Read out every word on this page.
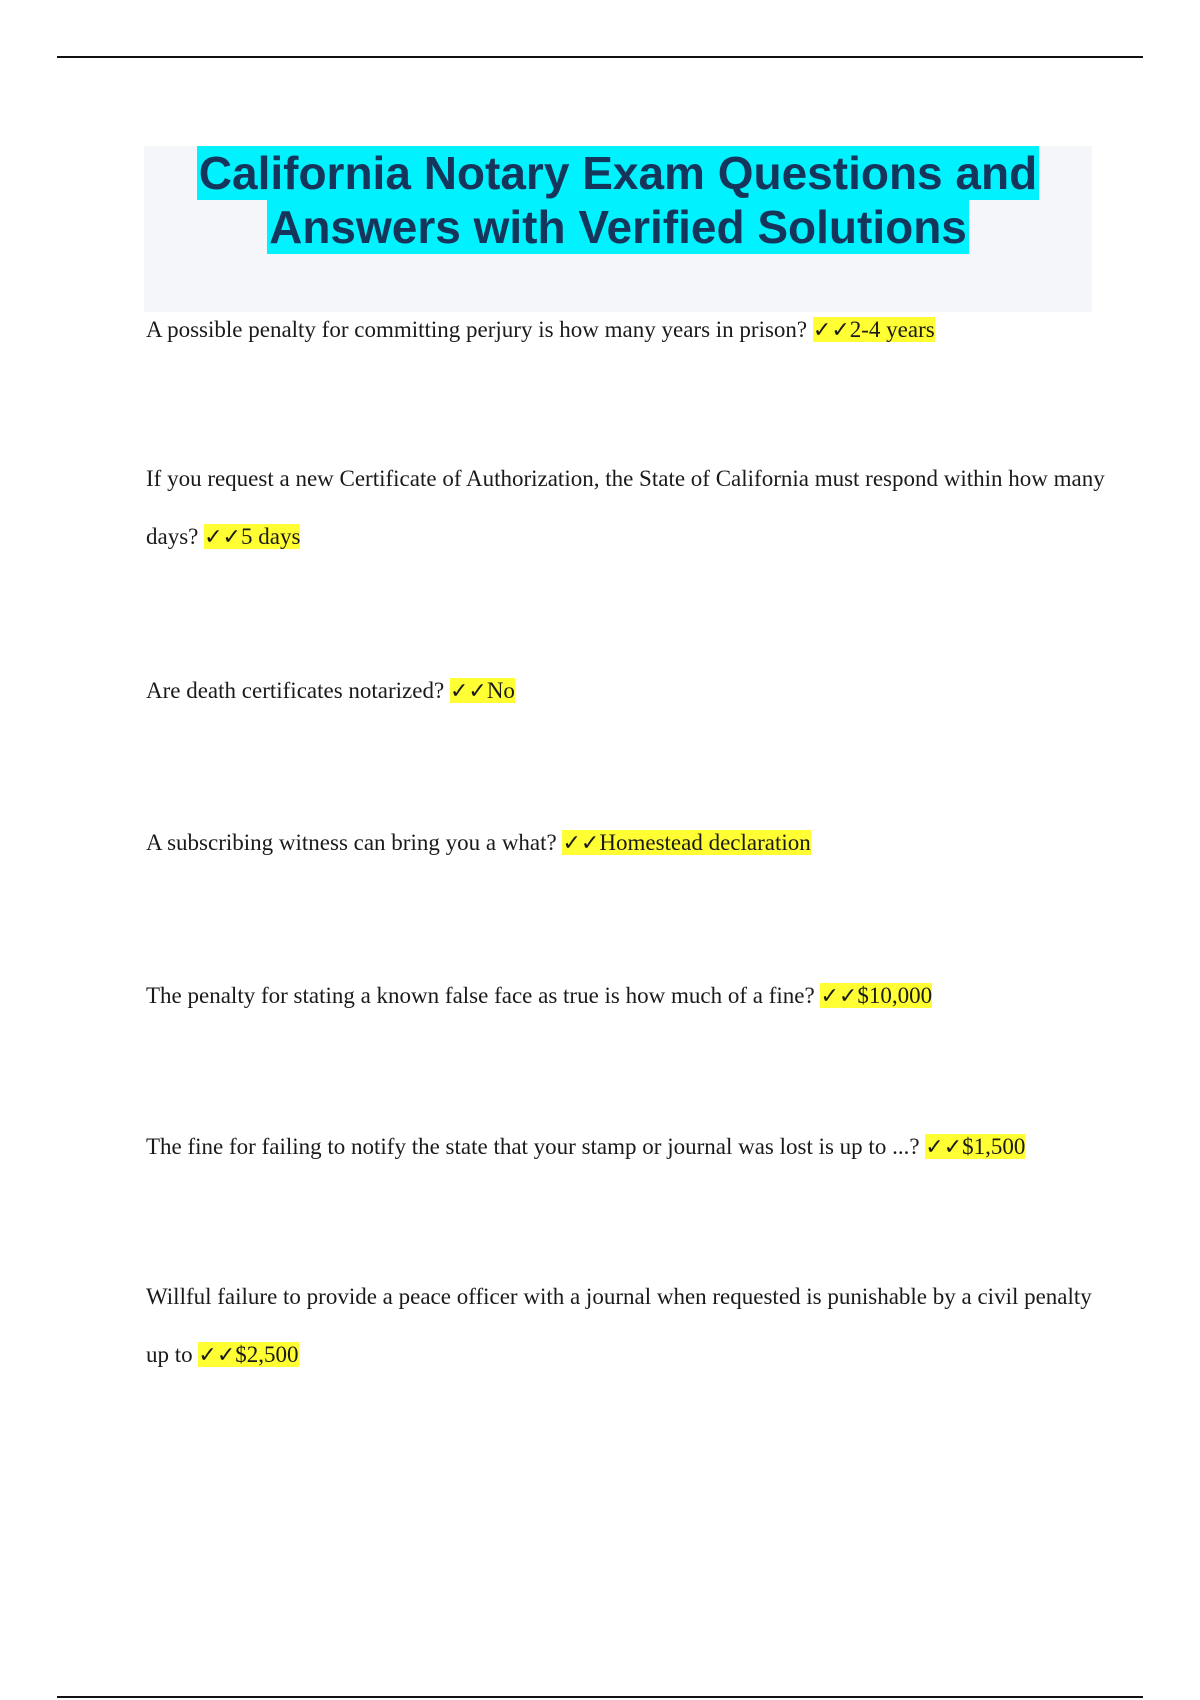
California Notary Exam Questions and
Answers with Verified Solutions

A possible penalty for committing perjury is how many years in prison? ✓✓2-4 years

If you request a new Certificate of Authorization, the State of California must respond within how many days? ✓✓5 days

Are death certificates notarized? ✓✓No

A subscribing witness can bring you a what? ✓✓Homestead declaration

The penalty for stating a known false face as true is how much of a fine? ✓✓$10,000

The fine for failing to notify the state that your stamp or journal was lost is up to ...? ✓✓$1,500

Willful failure to provide a peace officer with a journal when requested is punishable by a civil penalty up to ✓✓$2,500
